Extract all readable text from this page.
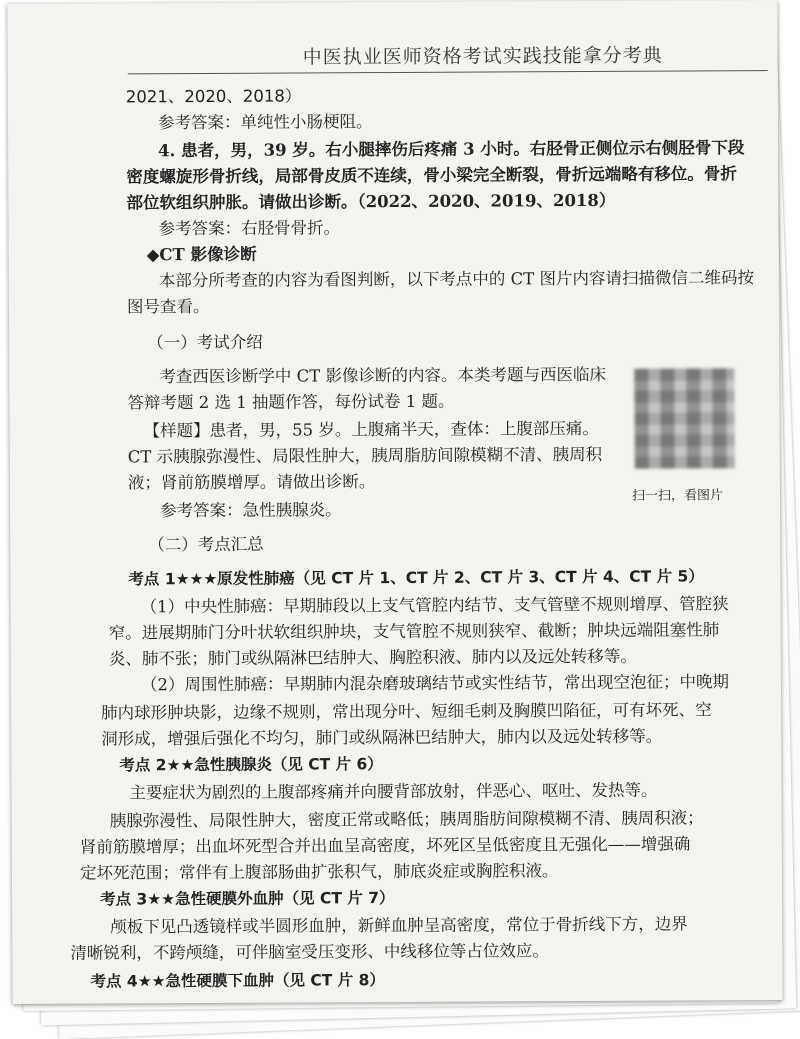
中医执业医师资格考试实践技能拿分考典
2021、2020、2018）
参考答案：单纯性小肠梗阻。
4. 患者，男，39 岁。右小腿摔伤后疼痛 3 小时。右胫骨正侧位示右侧胫骨下段
密度螺旋形骨折线，局部骨皮质不连续，骨小梁完全断裂，骨折远端略有移位。骨折
部位软组织肿胀。请做出诊断。（2022、2020、2019、2018）
参考答案：右胫骨骨折。
◆CT 影像诊断
本部分所考查的内容为看图判断，以下考点中的 CT 图片内容请扫描微信二维码按
图号查看。
（一）考试介绍
考查西医诊断学中 CT 影像诊断的内容。本类考题与西医临床
答辩考题 2 选 1 抽题作答，每份试卷 1 题。
【样题】患者，男，55 岁。上腹痛半天，查体：上腹部压痛。
CT 示胰腺弥漫性、局限性肿大，胰周脂肪间隙模糊不清、胰周积
液；肾前筋膜增厚。请做出诊断。
参考答案：急性胰腺炎。
（二）考点汇总
考点 1★★★原发性肺癌（见 CT 片 1、CT 片 2、CT 片 3、CT 片 4、CT 片 5）
（1）中央性肺癌：早期肺段以上支气管腔内结节、支气管壁不规则增厚、管腔狭
窄。进展期肺门分叶状软组织肿块，支气管腔不规则狭窄、截断；肿块远端阻塞性肺
炎、肺不张；肺门或纵隔淋巴结肿大、胸腔积液、肺内以及远处转移等。
（2）周围性肺癌：早期肺内混杂磨玻璃结节或实性结节，常出现空泡征；中晚期
肺内球形肿块影，边缘不规则，常出现分叶、短细毛刺及胸膜凹陷征，可有坏死、空
洞形成，增强后强化不均匀，肺门或纵隔淋巴结肿大，肺内以及远处转移等。
考点 2★★急性胰腺炎（见 CT 片 6）
主要症状为剧烈的上腹部疼痛并向腰背部放射，伴恶心、呕吐、发热等。
胰腺弥漫性、局限性肿大，密度正常或略低；胰周脂肪间隙模糊不清、胰周积液；
肾前筋膜增厚；出血坏死型合并出血呈高密度，坏死区呈低密度且无强化——增强确
定坏死范围；常伴有上腹部肠曲扩张积气，肺底炎症或胸腔积液。
考点 3★★急性硬膜外血肿（见 CT 片 7）
颅板下见凸透镜样或半圆形血肿，新鲜血肿呈高密度，常位于骨折线下方，边界
清晰锐利，不跨颅缝，可伴脑室受压变形、中线移位等占位效应。
考点 4★★急性硬膜下血肿（见 CT 片 8）
扫一扫，看图片
